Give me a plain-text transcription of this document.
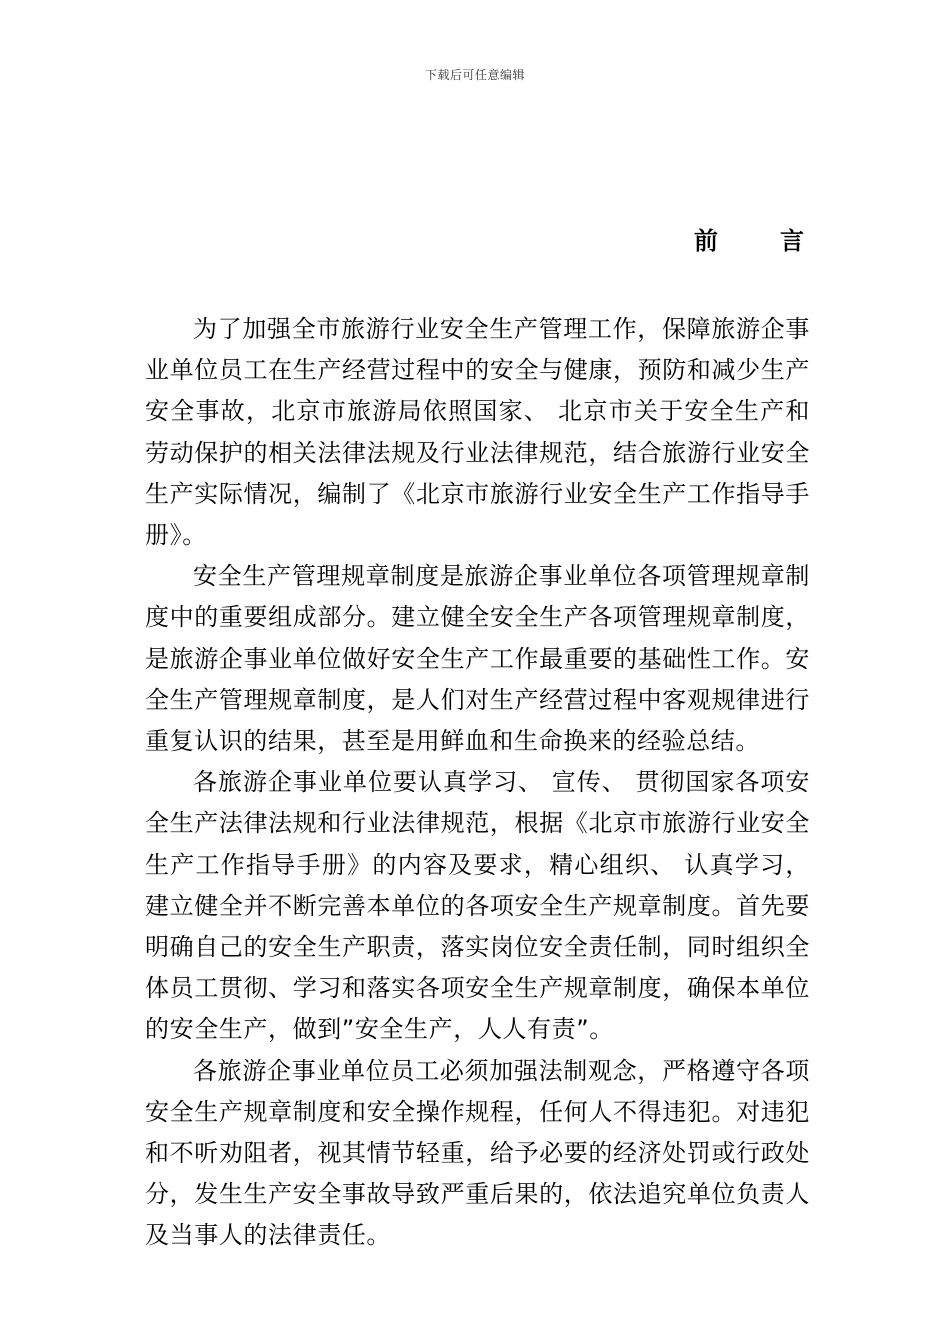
下载后可任意编辑
前	言

为了加强全市旅游行业安全生产管理工作，保障旅游企事业单位员工在生产经营过程中的安全与健康，预防和减少生产安全事故，北京市旅游局依照国家、 北京市关于安全生产和劳动保护的相关法律法规及行业法律规范，结合旅游行业安全生产实际情况，编制了《北京市旅游行业安全生产工作指导手册》。

安全生产管理规章制度是旅游企事业单位各项管理规章制度中的重要组成部分。建立健全安全生产各项管理规章制度，是旅游企事业单位做好安全生产工作最重要的基础性工作。安全生产管理规章制度，是人们对生产经营过程中客观规律进行重复认识的结果，甚至是用鲜血和生命换来的经验总结。

各旅游企事业单位要认真学习、 宣传、 贯彻国家各项安全生产法律法规和行业法律规范，根据《北京市旅游行业安全生产工作指导手册》的内容及要求，精心组织、 认真学习，建立健全并不断完善本单位的各项安全生产规章制度。首先要明确自己的安全生产职责，落实岗位安全责任制，同时组织全体员工贯彻、学习和落实各项安全生产规章制度，确保本单位的安全生产，做到”安全生产，人人有责”。

各旅游企事业单位员工必须加强法制观念，严格遵守各项安全生产规章制度和安全操作规程，任何人不得违犯。对违犯和不听劝阻者，视其情节轻重，给予必要的经济处罚或行政处分，发生生产安全事故导致严重后果的，依法追究单位负责人及当事人的法律责任。
